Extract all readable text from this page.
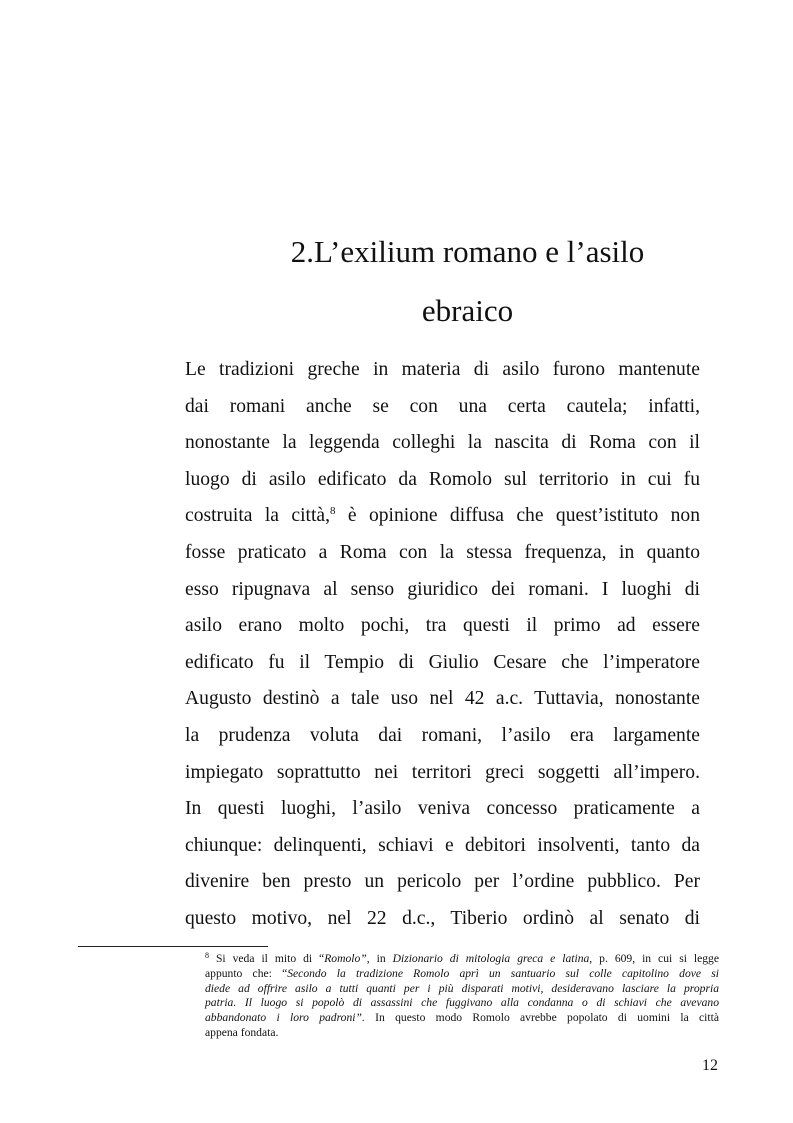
2.L’exilium romano e l’asilo
ebraico
Le tradizioni greche in materia di asilo furono mantenute
dai romani anche se con una certa cautela; infatti,
nonostante la leggenda colleghi la nascita di Roma con il
luogo di asilo edificato da Romolo sul territorio in cui fu
costruita la città,$^8$ è opinione diffusa che quest’istituto non
fosse praticato a Roma con la stessa frequenza, in quanto
esso ripugnava al senso giuridico dei romani. I luoghi di
asilo erano molto pochi, tra questi il primo ad essere
edificato fu il Tempio di Giulio Cesare che l’imperatore
Augusto destinò a tale uso nel 42 a.c. Tuttavia, nonostante
la prudenza voluta dai romani, l’asilo era largamente
impiegato soprattutto nei territori greci soggetti all’impero.
In questi luoghi, l’asilo veniva concesso praticamente a
chiunque: delinquenti, schiavi e debitori insolventi, tanto da
divenire ben presto un pericolo per l’ordine pubblico. Per
questo motivo, nel 22 d.c., Tiberio ordinò al senato di
$^8$ Si veda il mito di “Romolo”, in Dizionario di mitologia greca e latina, p. 609, in cui si legge
appunto che: “Secondo la tradizione Romolo aprì un santuario sul colle capitolino dove si
diede ad offrire asilo a tutti quanti per i più disparati motivi, desideravano lasciare la propria
patria. Il luogo si popolò di assassini che fuggivano alla condanna o di schiavi che avevano
abbandonato i loro padroni”. In questo modo Romolo avrebbe popolato di uomini la città
appena fondata.
12
